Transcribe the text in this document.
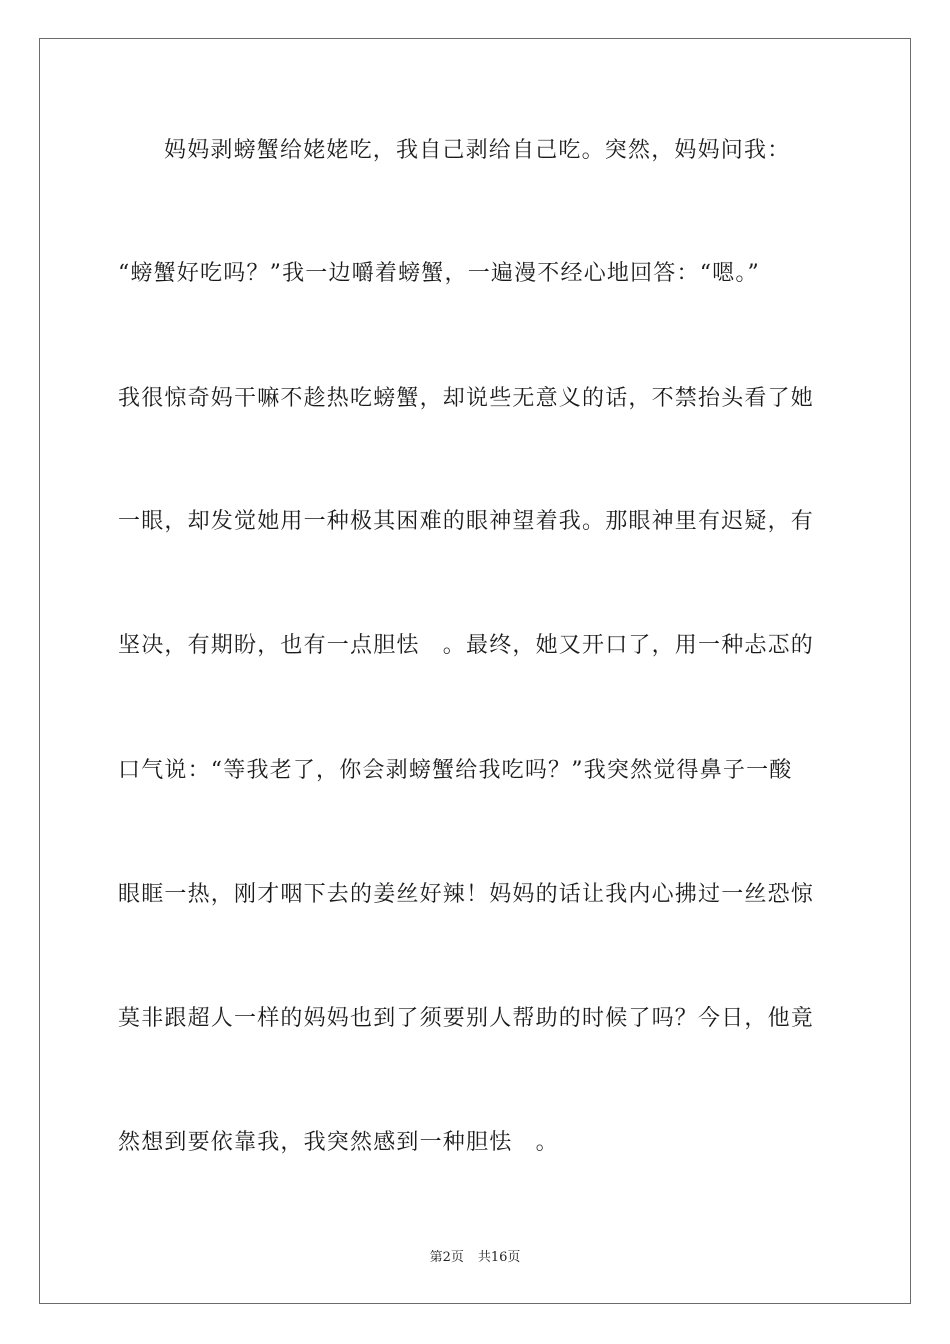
妈妈剥螃蟹给姥姥吃，我自己剥给自己吃。突然，妈妈问我：
“螃蟹好吃吗？”我一边嚼着螃蟹，一遍漫不经心地回答：“嗯。”
我很惊奇妈干嘛不趁热吃螃蟹，却说些无意义的话，不禁抬头看了她
一眼，却发觉她用一种极其困难的眼神望着我。那眼神里有迟疑，有
坚决，有期盼，也有一点胆怯　。最终，她又开口了，用一种忐忑的
口气说：“等我老了，你会剥螃蟹给我吃吗？”我突然觉得鼻子一酸
眼眶一热，刚才咽下去的姜丝好辣！妈妈的话让我内心拂过一丝恐惊
莫非跟超人一样的妈妈也到了须要别人帮助的时候了吗？今日，他竟
然想到要依靠我，我突然感到一种胆怯　。
第2页 共16页
